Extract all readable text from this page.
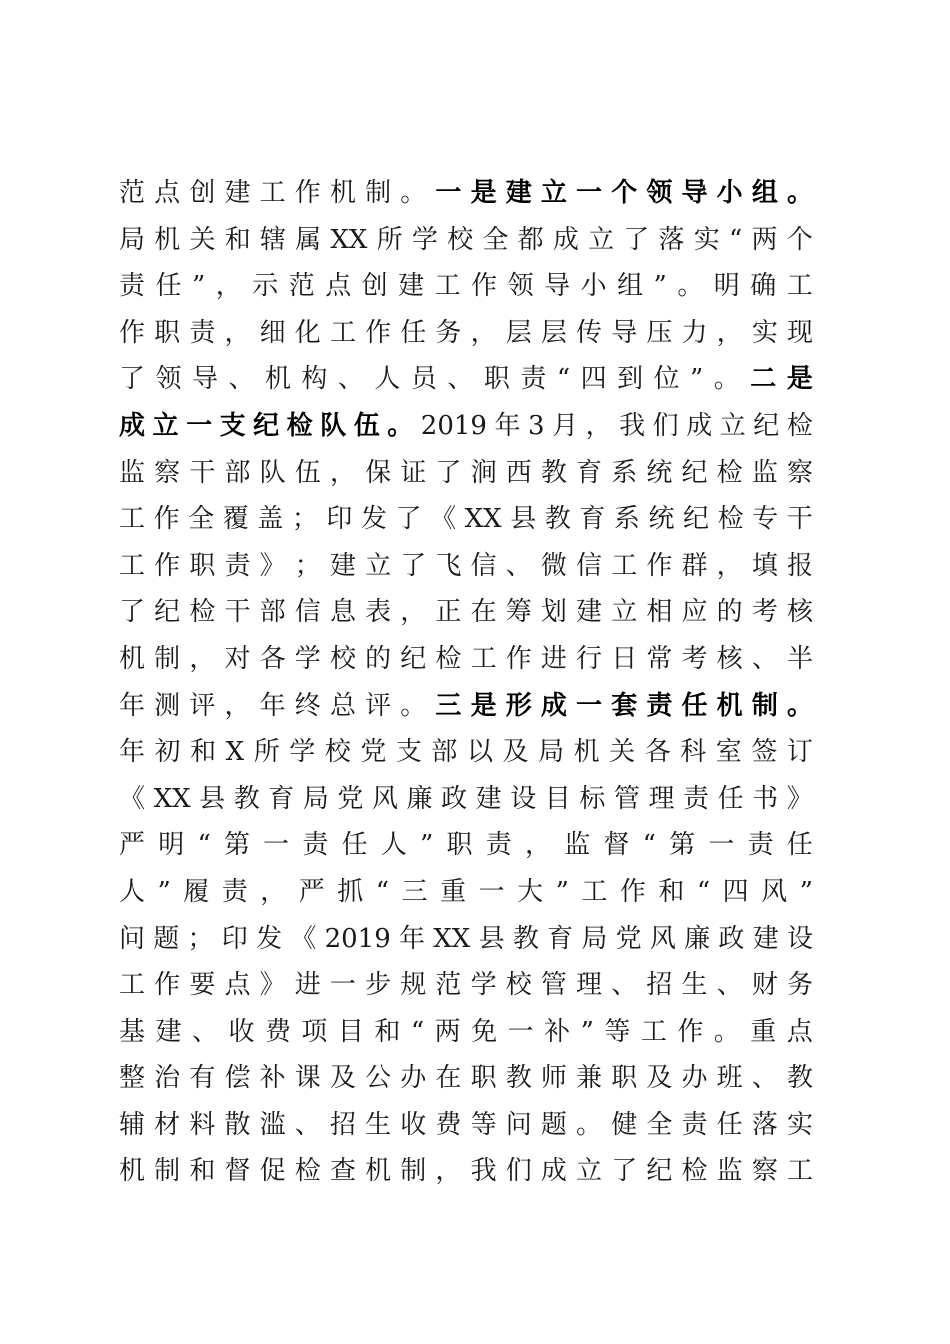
范 点 创 建 工 作 机 制 。 一 是 建 立 一 个 领 导 小 组 。
局 机 关 和 辖 属 XX 所 学 校 全 都 成 立 了 落 实 “ 两 个
责 任 ” ， 示 范 点 创 建 工 作 领 导 小 组 ” 。 明 确 工
作 职 责 ， 细 化 工 作 任 务 ， 层 层 传 导 压 力 ， 实 现
了 领 导 、 机 构 、 人 员 、 职 责 “ 四 到 位 ” 。 二 是
成 立 一 支 纪 检 队 伍 。 2019 年 3 月 ， 我 们 成 立 纪 检
监 察 干 部 队 伍 ， 保 证 了 涧 西 教 育 系 统 纪 检 监 察
工 作 全 覆 盖 ； 印 发 了 《 XX 县 教 育 系 统 纪 检 专 干
工 作 职 责 》 ； 建 立 了 飞 信 、 微 信 工 作 群 ， 填 报
了 纪 检 干 部 信 息 表 ， 正 在 筹 划 建 立 相 应 的 考 核
机 制 ， 对 各 学 校 的 纪 检 工 作 进 行 日 常 考 核 、 半
年 测 评 ， 年 终 总 评 。 三 是 形 成 一 套 责 任 机 制 。
年 初 和 X 所 学 校 党 支 部 以 及 局 机 关 各 科 室 签 订
《 XX 县 教 育 局 党 风 廉 政 建 设 目 标 管 理 责 任 书 》
严 明 “ 第 一 责 任 人 ” 职 责 ， 监 督 “ 第 一 责 任
人 ” 履 责 ， 严 抓 “ 三 重 一 大 ” 工 作 和 “ 四 风 ”
问 题 ； 印 发 《 2019 年 XX 县 教 育 局 党 风 廉 政 建 设
工 作 要 点 》 进 一 步 规 范 学 校 管 理 、 招 生 、 财 务
基 建 、 收 费 项 目 和 “ 两 免 一 补 ” 等 工 作 。 重 点
整 治 有 偿 补 课 及 公 办 在 职 教 师 兼 职 及 办 班 、 教
辅 材 料 散 滥 、 招 生 收 费 等 问 题 。 健 全 责 任 落 实
机 制 和 督 促 检 查 机 制 ， 我 们 成 立 了 纪 检 监 察 工
